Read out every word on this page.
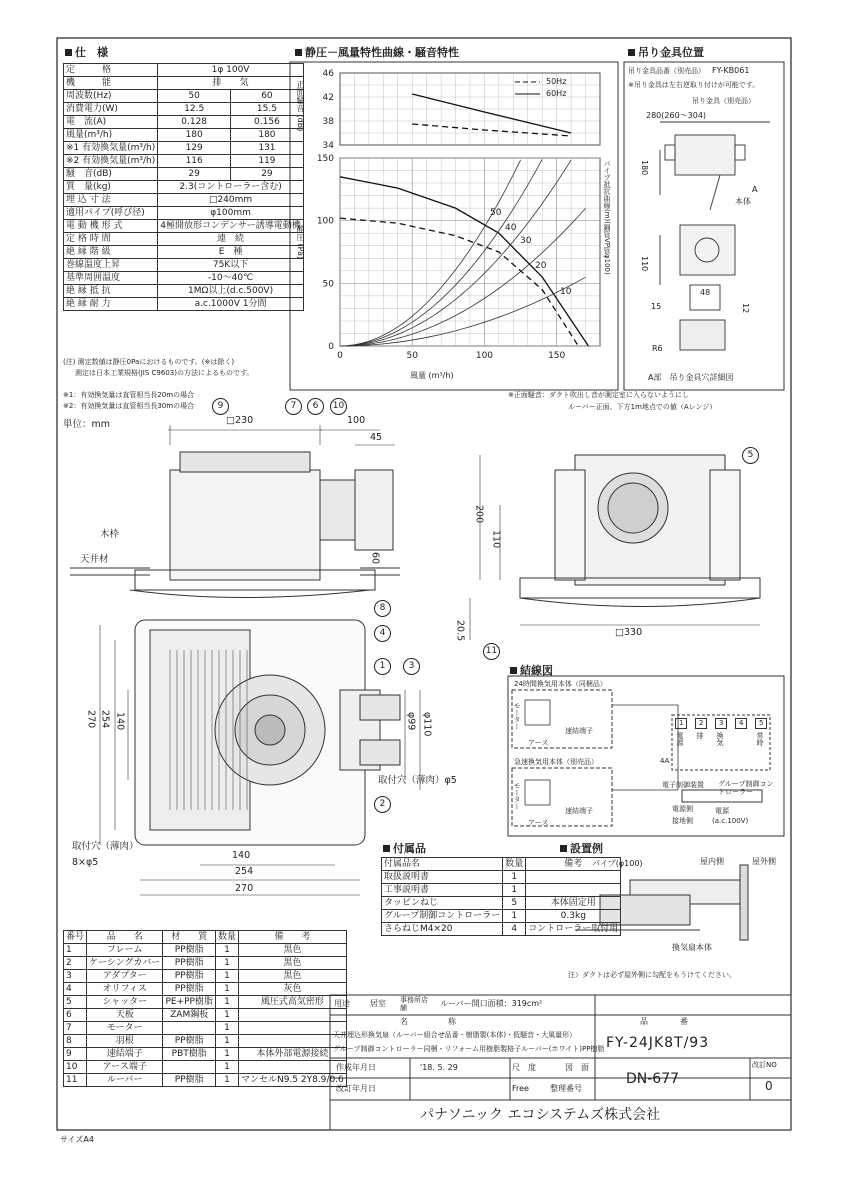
仕　様
定　　　格	1φ 100V	
機　　　能	排　　気	
周波数(Hz)	50	60
消費電力(W)	12.5	15.5
電　流(A)	0.128	0.156
風量(m³/h)	180	180
※1 有効換気量(m³/h)	129	131
※2 有効換気量(m³/h)	116	119
騒　音(dB)	29	29
質　量(kg)	2.3(コントローラー含む)	
埋 込 寸 法	□240mm	
適用パイプ(呼び径)	φ100mm	
電 動 機 形 式	4極開放形コンデンサー誘導電動機	
定 格 時 間	連　続	
絶 縁 階 級	E　種	
巻線温度上昇	75K以下	
基準周囲温度	-10〜40℃	
絶 縁 抵 抗	1MΩ以上(d.c.500V)	
絶 縁 耐 力	a.c.1000V 1分間	
(注) 測定数値は静圧0Paにおけるものです。(※は除く)
測定は日本工業規格(JIS C9603)の方法によるものです。
※1：有効換気量は直管相当長20mの場合
※2：有効換気量は直管相当長30mの場合
単位：mm
静圧－風量特性曲線・騒音特性
150
100
50
0
46
42
38
34
0	50	100	150
50
40
30
20
10
50Hz
60Hz
正面騒音 (dB)
静圧 (Pa)	パイプ抵抗曲線(m)(鋼管VP管φ100)
風量 (m³/h)
※正面騒音：ダクト吹出し音が測定室に入らないようにし
ルーバー正面、下方1m地点での値（Aレンジ）
吊り金具位置
吊り金具品番（別売品） FY-KB061
※吊り金具は左右逆取り付けが可能です。
吊り金具（別売品）
280(260〜304)
180
110
48
15	12
R6
本体
A
A部　吊り金具穴詳細図
□230	100
45
60
木枠
天井材
270 254 140	φ99 φ110
取付穴（薄肉）φ5
取付穴（薄肉）
8×φ5
140
254
270
200
110
20.5	□330
9	7	6	10
8
4
1	3
2
5
11
結線図
24時間換気用本体（同梱品）
急速換気用本体（別売品）
モーター
モーター
速結端子
速結端子
アース
アース
1	2	3	4	5
電源 排 換気	常時
4A
電子制御装置 グループ制御コントローラー
電源側
接地側
電源
(a.c.100V)
付属品
付属品名	数量	備考
取扱説明書	1	
工事説明書	1	
タッピンねじ	5	本体固定用
グループ制御コントローラー	1	0.3kg
さらねじM4×20	4	コントローラー取付用
設置例
パイプ(φ100)	屋内側	屋外側
換気扇本体
注）ダクトは必ず屋外側に勾配をもうけてください。
番号	品　　名	材　　質	数量	備　　考
1	フレーム	PP樹脂	1	黒色
2	ケーシングカバー	PP樹脂	1	黒色
3	アダプター	PP樹脂	1	黒色
4	オリフィス	PP樹脂	1	灰色
5	シャッター	PE+PP樹脂	1	風圧式高気密形
6	天板	ZAM鋼板	1	
7	モーター		1	
8	羽根	PP樹脂	1	
9	速結端子	PBT樹脂	1	本体外部電源接続
10	アース端子		1	
11	ルーバー	PP樹脂	1	マンセルN9.5 2Y8.9/0.6
用途	居室 事務所店舗
ルーバー開口面積：319cm²
名　　　　　称	品　　　　番
天井埋込形換気扇（ルーバー組合せ品番・樹脂製(本体)・低騒音・大風量形）
グループ制御コントローラー同梱・リフォーム用樹脂製格子ルーバー(ホワイト)PP樹脂 FY-24JK8T/93
作成年月日	'18. 5. 29	尺　度	図　面
DN-677
改訂NO
0
改訂年月日	Free	整理番号
パナソニック エコシステムズ株式会社
サイズA4
